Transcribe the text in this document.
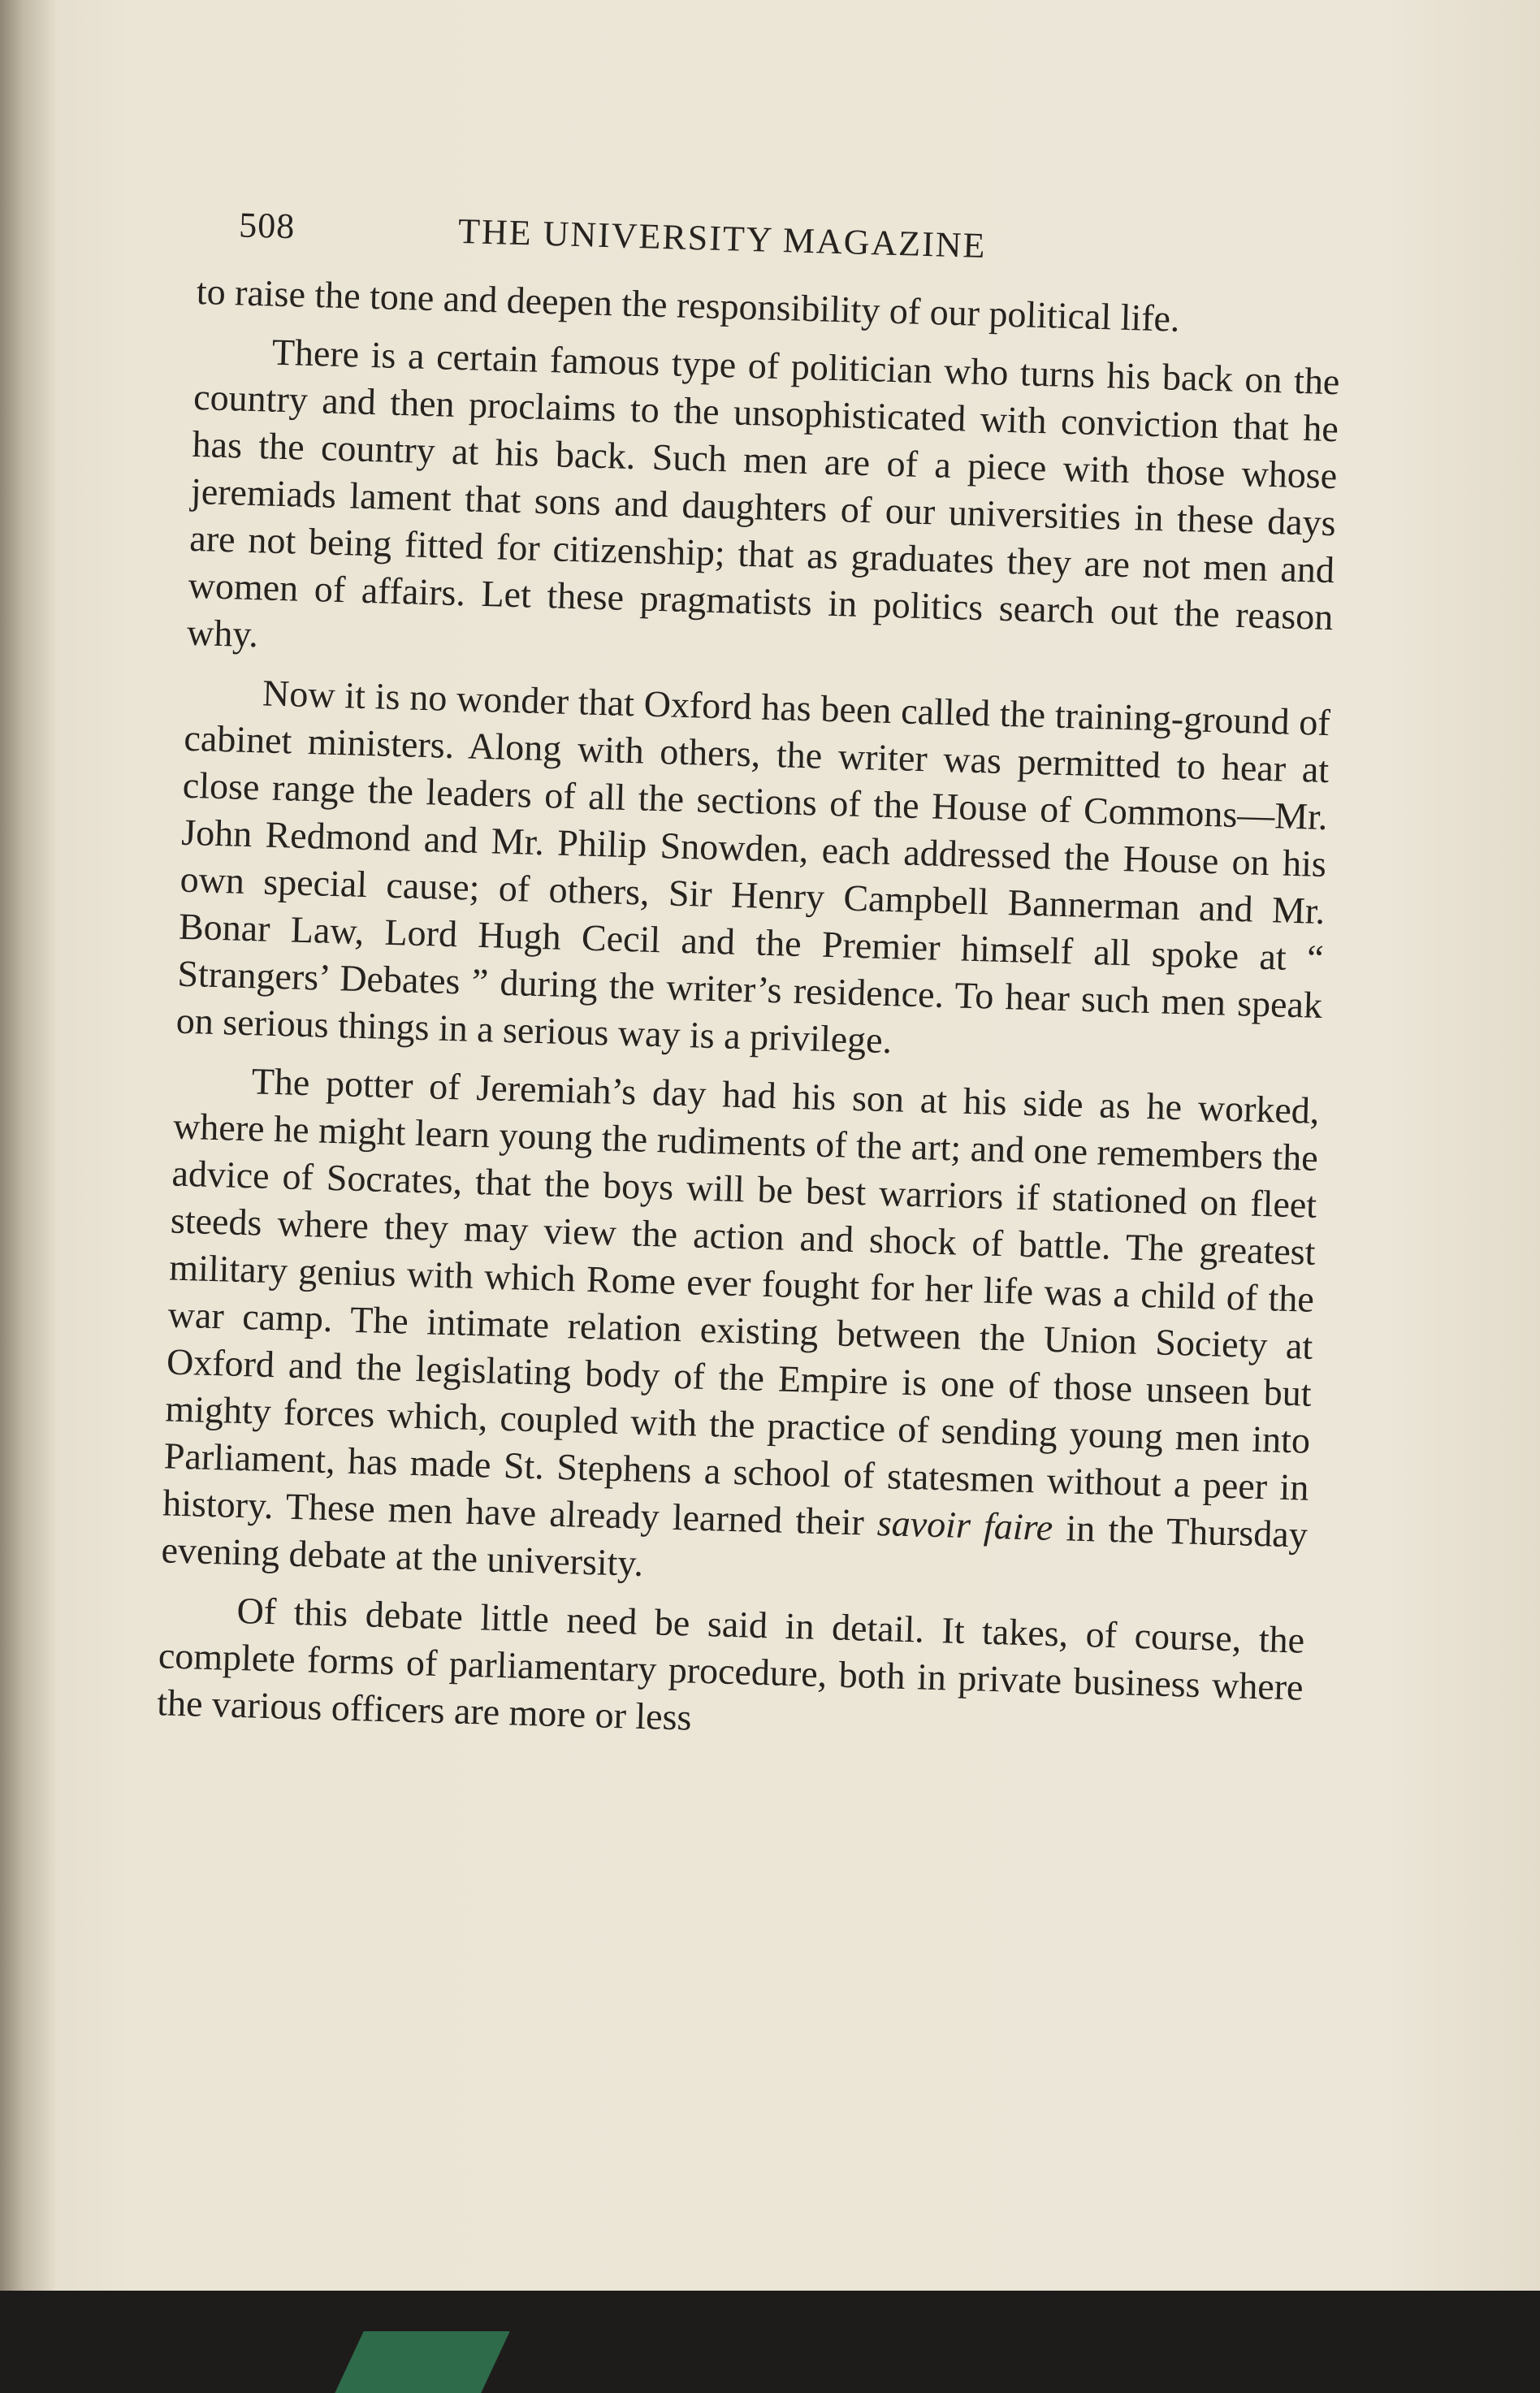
508	THE UNIVERSITY MAGAZINE

to raise the tone and deepen the responsibility of our political life.

There is a certain famous type of politician who turns his back on the country and then proclaims to the unsophisticated with conviction that he has the country at his back. Such men are of a piece with those whose jeremiads lament that sons and daughters of our universities in these days are not being fitted for citizenship; that as graduates they are not men and women of affairs. Let these pragmatists in politics search out the reason why.

Now it is no wonder that Oxford has been called the training-ground of cabinet ministers. Along with others, the writer was permitted to hear at close range the leaders of all the sections of the House of Commons—Mr. John Redmond and Mr. Philip Snowden, each addressed the House on his own special cause; of others, Sir Henry Campbell Bannerman and Mr. Bonar Law, Lord Hugh Cecil and the Premier himself all spoke at “ Strangers’ Debates ” during the writer’s residence. To hear such men speak on serious things in a serious way is a privilege.

The potter of Jeremiah’s day had his son at his side as he worked, where he might learn young the rudiments of the art; and one remembers the advice of Socrates, that the boys will be best warriors if stationed on fleet steeds where they may view the action and shock of battle. The greatest military genius with which Rome ever fought for her life was a child of the war camp. The intimate relation existing between the Union Society at Oxford and the legislating body of the Empire is one of those unseen but mighty forces which, coupled with the practice of sending young men into Parliament, has made St. Stephens a school of statesmen without a peer in history. These men have already learned their savoir faire in the Thursday evening debate at the university.

Of this debate little need be said in detail. It takes, of course, the complete forms of parliamentary procedure, both in private business where the various officers are more or less
